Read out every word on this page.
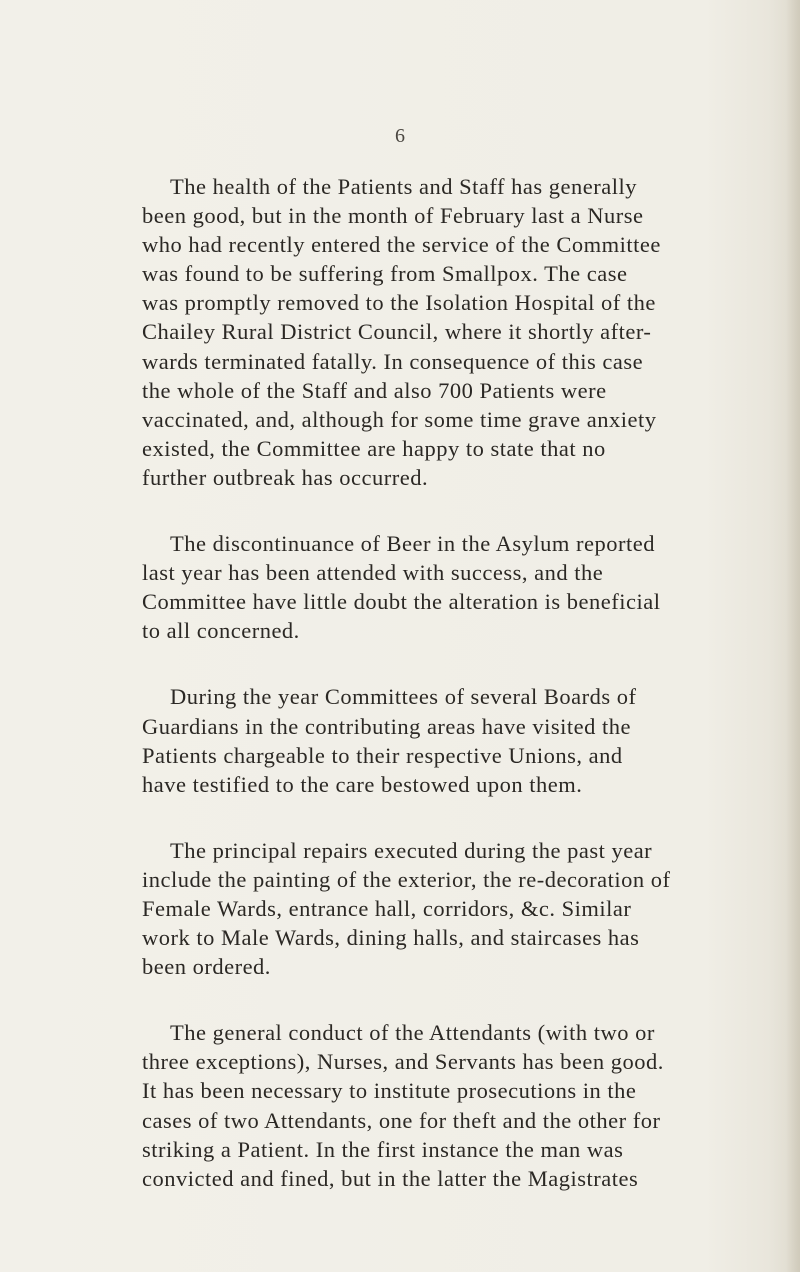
6

The health of the Patients and Staff has generally
been good, but in the month of February last a Nurse
who had recently entered the service of the Committee
was found to be suffering from Smallpox. The case
was promptly removed to the Isolation Hospital of the
Chailey Rural District Council, where it shortly after-
wards terminated fatally. In consequence of this case
the whole of the Staff and also 700 Patients were
vaccinated, and, although for some time grave anxiety
existed, the Committee are happy to state that no
further outbreak has occurred.

The discontinuance of Beer in the Asylum reported
last year has been attended with success, and the
Committee have little doubt the alteration is beneficial
to all concerned.

During the year Committees of several Boards of
Guardians in the contributing areas have visited the
Patients chargeable to their respective Unions, and
have testified to the care bestowed upon them.

The principal repairs executed during the past year
include the painting of the exterior, the re-decoration of
Female Wards, entrance hall, corridors, &c. Similar
work to Male Wards, dining halls, and staircases has
been ordered.

The general conduct of the Attendants (with two or
three exceptions), Nurses, and Servants has been good.
It has been necessary to institute prosecutions in the
cases of two Attendants, one for theft and the other for
striking a Patient. In the first instance the man was
convicted and fined, but in the latter the Magistrates
